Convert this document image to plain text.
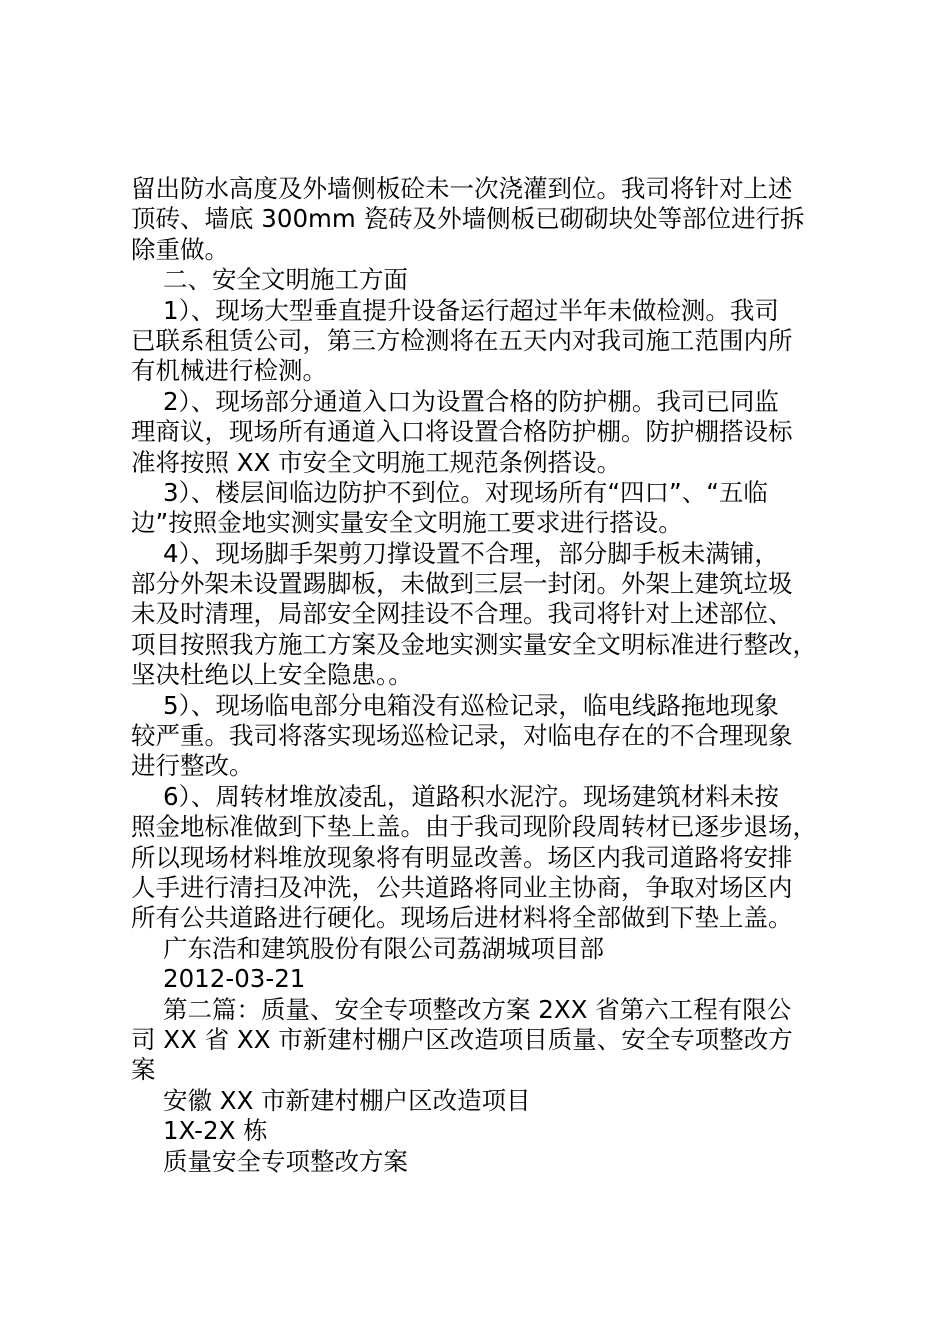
留出防水高度及外墙侧板砼未一次浇灌到位。我司将针对上述
顶砖、墙底 300mm 瓷砖及外墙侧板已砌砌块处等部位进行拆
除重做。
二、安全文明施工方面
1）、现场大型垂直提升设备运行超过半年未做检测。我司
已联系租赁公司，第三方检测将在五天内对我司施工范围内所
有机械进行检测。
2）、现场部分通道入口为设置合格的防护棚。我司已同监
理商议，现场所有通道入口将设置合格防护棚。防护棚搭设标
准将按照 XX 市安全文明施工规范条例搭设。
3）、楼层间临边防护不到位。对现场所有“四口”、“五临
边”按照金地实测实量安全文明施工要求进行搭设。
4）、现场脚手架剪刀撑设置不合理，部分脚手板未满铺，
部分外架未设置踢脚板，未做到三层一封闭。外架上建筑垃圾
未及时清理，局部安全网挂设不合理。我司将针对上述部位、
项目按照我方施工方案及金地实测实量安全文明标准进行整改，
坚决杜绝以上安全隐患。。
5）、现场临电部分电箱没有巡检记录，临电线路拖地现象
较严重。我司将落实现场巡检记录，对临电存在的不合理现象
进行整改。
6）、周转材堆放凌乱，道路积水泥泞。现场建筑材料未按
照金地标准做到下垫上盖。由于我司现阶段周转材已逐步退场，
所以现场材料堆放现象将有明显改善。场区内我司道路将安排
人手进行清扫及冲洗，公共道路将同业主协商，争取对场区内
所有公共道路进行硬化。现场后进材料将全部做到下垫上盖。
广东浩和建筑股份有限公司荔湖城项目部
2012-03-21
第二篇：质量、安全专项整改方案 2XX 省第六工程有限公
司 XX 省 XX 市新建村棚户区改造项目质量、安全专项整改方
案
安徽 XX 市新建村棚户区改造项目
1X-2X 栋
质量安全专项整改方案
